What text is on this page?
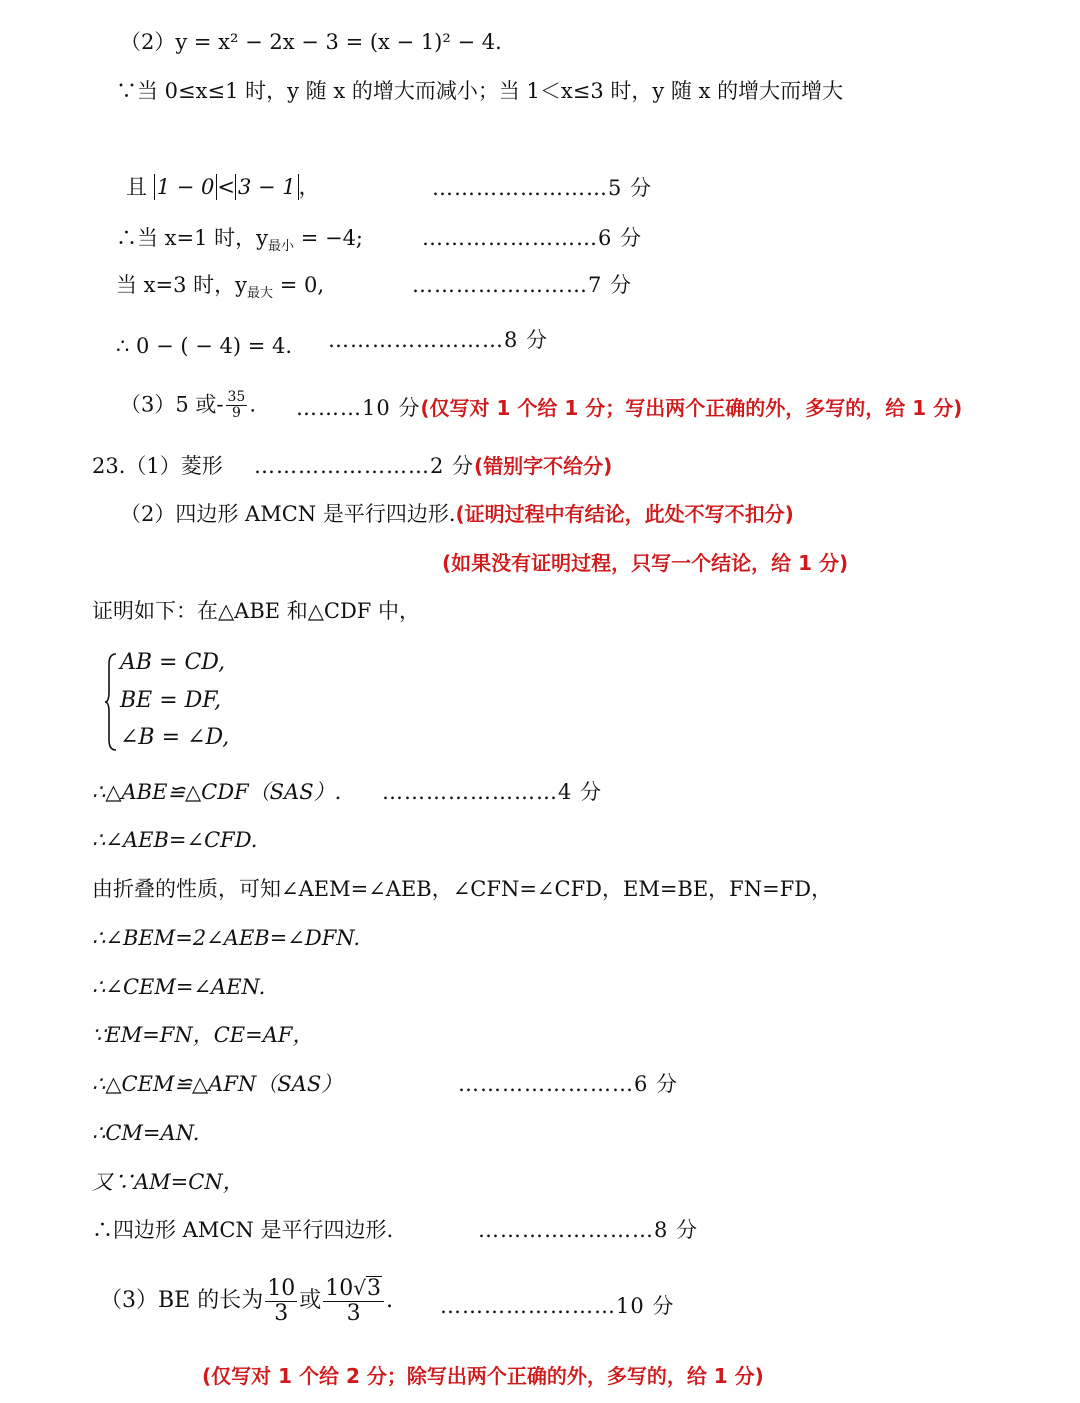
（2）y = x² − 2x − 3 = (x − 1)² − 4.
∵当 0≤x≤1 时，y 随 x 的增大而减小；当 1＜x≤3 时，y 随 x 的增大而增大
且 1 − 0 < 3 − 1 ，	……………………5 分
∴当 x=1 时，$y_{最小} = -4$;	……………………6 分
当 x=3 时，$y_{最大} = 0$,	……………………7 分
∴ 0 − ( − 4) = 4. ……………………8 分
（3）5 或- $\frac{35}{9}$ . ………10 分(仅写对 1 个给 1 分；写出两个正确的外，多写的，给 1 分)
23.（1）菱形 ……………………2 分(错别字不给分)
（2）四边形 AMCN 是平行四边形.(证明过程中有结论，此处不写不扣分)
(如果没有证明过程，只写一个结论，给 1 分)
证明如下：在△ABE 和△CDF 中，
AB = CD,
BE = DF,
∠B = ∠D,
∴△ABE≌△CDF（SAS）. ……………………4 分
∴∠AEB=∠CFD.
由折叠的性质，可知∠AEM=∠AEB，∠CFN=∠CFD，EM=BE，FN=FD，
∴∠BEM=2∠AEB=∠DFN.
∴∠CEM=∠AEN.
∵EM=FN，CE=AF，
∴△CEM≌△AFN（SAS）	……………………6 分
∴CM=AN.
又∵AM=CN，
∴四边形 AMCN 是平行四边形.	……………………8 分
（3）BE 的长为 $\frac{10}{3}$ 或 $\frac{10√3}{3}$ . ……………………10 分
(仅写对 1 个给 2 分；除写出两个正确的外，多写的，给 1 分)
